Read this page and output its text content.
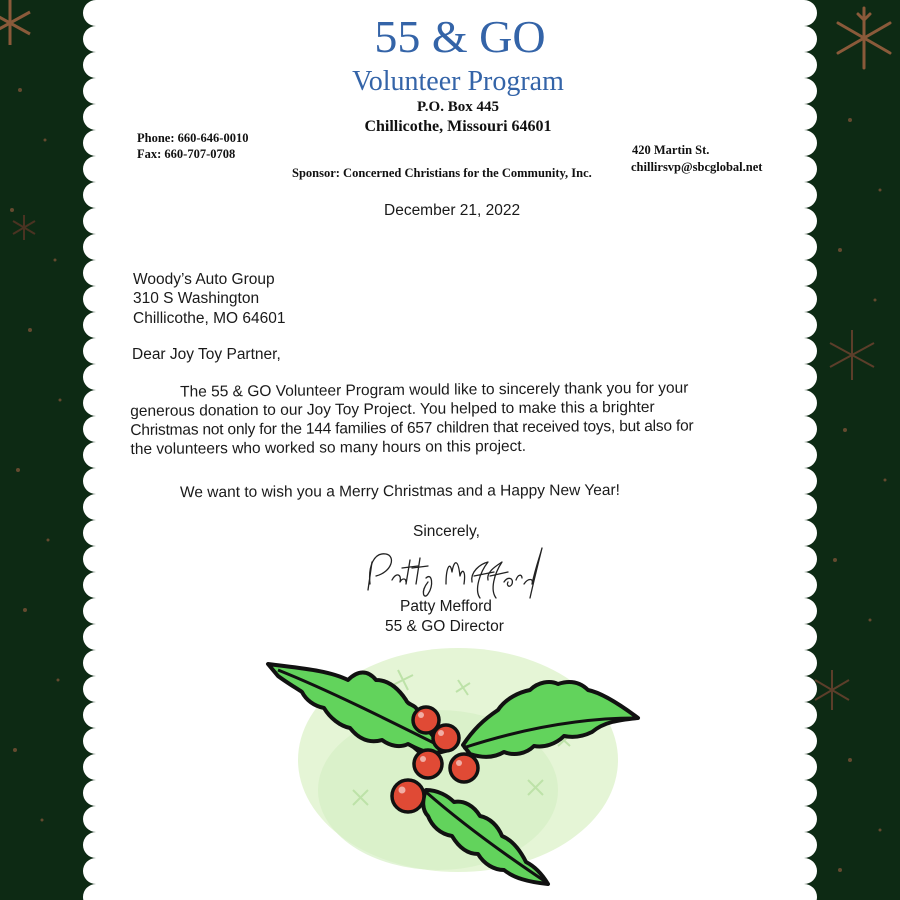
55 & GO
Volunteer Program
P.O. Box 445
Chillicothe, Missouri 64601
Phone: 660-646-0010
Fax: 660-707-0708	420 Martin St.
chillirsvp@sbcglobal.net
Sponsor: Concerned Christians for the Community, Inc.
December 21, 2022
Woody’s Auto Group
310 S Washington
Chillicothe, MO 64601
Dear Joy Toy Partner,
The 55 & GO Volunteer Program would like to sincerely thank you for your
generous donation to our Joy Toy Project. You helped to make this a brighter
Christmas not only for the 144 families of 657 children that received toys, but also for
the volunteers who worked so many hours on this project.
We want to wish you a Merry Christmas and a Happy New Year!
Sincerely,
Patty Mefford
55 & GO Director
